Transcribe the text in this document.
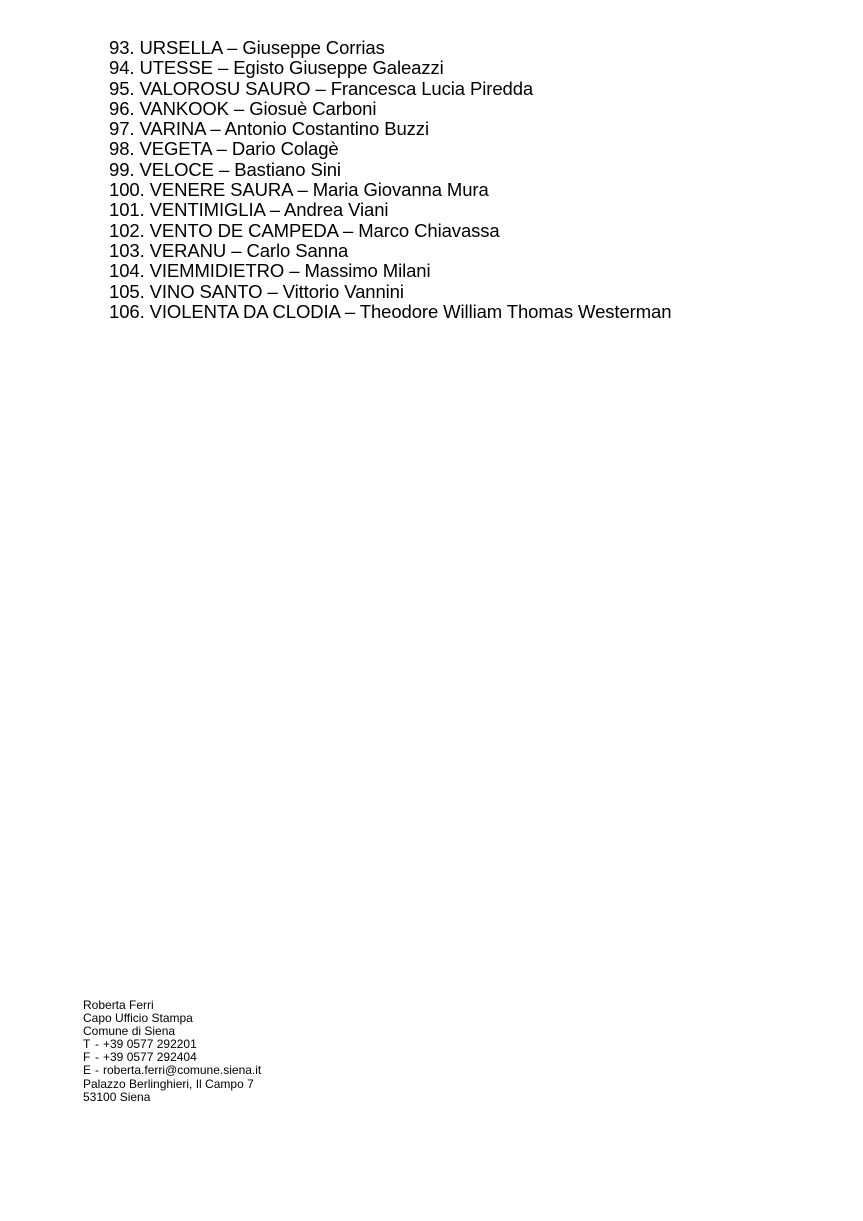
93. URSELLA – Giuseppe Corrias
94. UTESSE – Egisto Giuseppe Galeazzi
95. VALOROSU SAURO – Francesca Lucia Piredda
96. VANKOOK – Giosuè Carboni
97. VARINA – Antonio Costantino Buzzi
98. VEGETA – Dario Colagè
99. VELOCE – Bastiano Sini
100. VENERE SAURA – Maria Giovanna Mura
101. VENTIMIGLIA – Andrea Viani
102. VENTO DE CAMPEDA – Marco Chiavassa
103. VERANU – Carlo Sanna
104. VIEMMIDIETRO – Massimo Milani
105. VINO SANTO – Vittorio Vannini
106. VIOLENTA DA CLODIA – Theodore William Thomas Westerman
Roberta Ferri
Capo Ufficio Stampa
Comune di Siena
T - +39 0577 292201
F - +39 0577 292404
E - roberta.ferri@comune.siena.it
Palazzo Berlinghieri, Il Campo 7
53100 Siena
